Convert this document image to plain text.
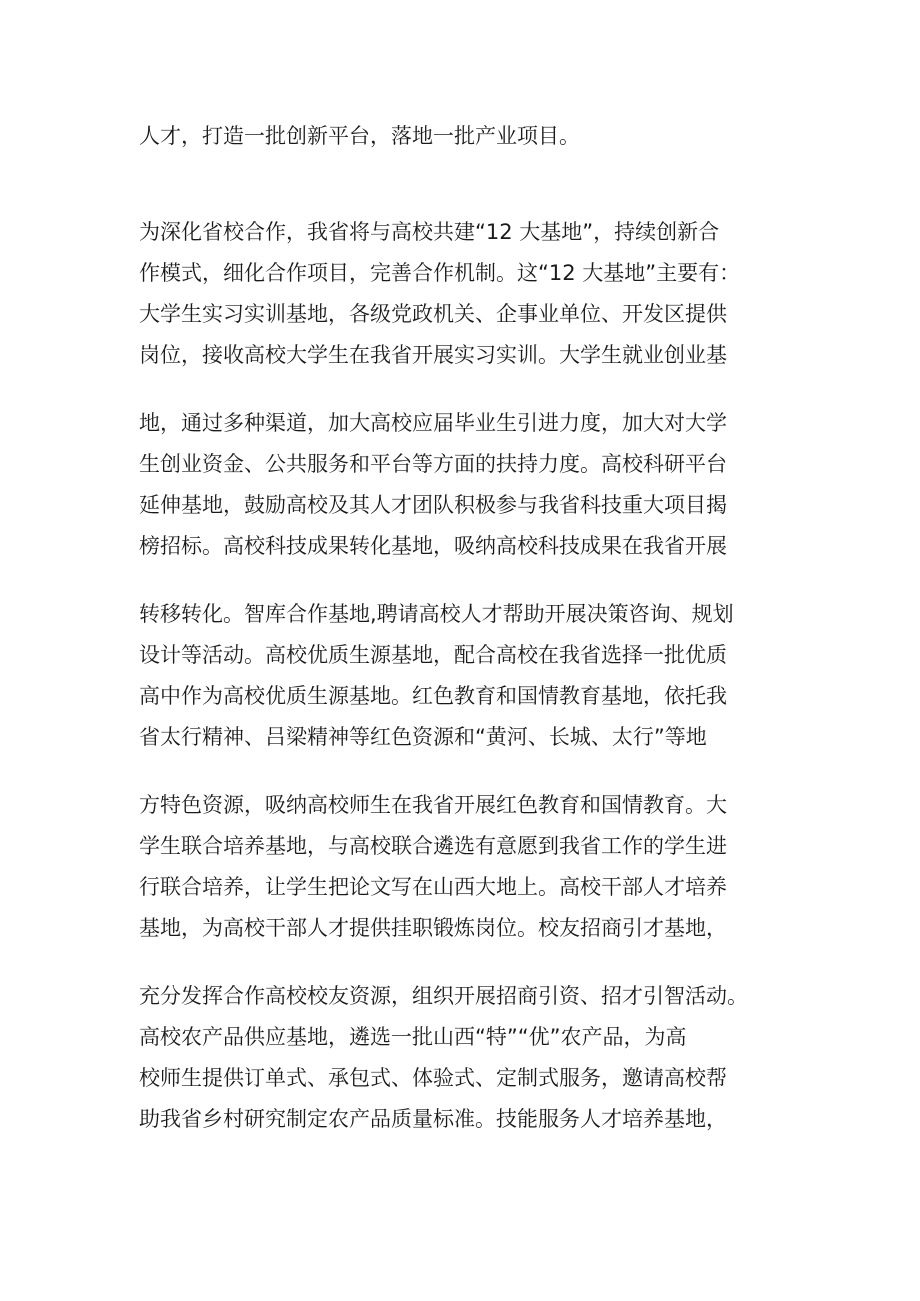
人才，打造一批创新平台，落地一批产业项目。
为深化省校合作，我省将与高校共建“12 大基地”，持续创新合
作模式，细化合作项目，完善合作机制。这“12 大基地”主要有：
大学生实习实训基地，各级党政机关、企事业单位、开发区提供
岗位，接收高校大学生在我省开展实习实训。大学生就业创业基
地，通过多种渠道，加大高校应届毕业生引进力度，加大对大学
生创业资金、公共服务和平台等方面的扶持力度。高校科研平台
延伸基地，鼓励高校及其人才团队积极参与我省科技重大项目揭
榜招标。高校科技成果转化基地，吸纳高校科技成果在我省开展
转移转化。智库合作基地,聘请高校人才帮助开展决策咨询、规划
设计等活动。高校优质生源基地，配合高校在我省选择一批优质
高中作为高校优质生源基地。红色教育和国情教育基地，依托我
省太行精神、吕梁精神等红色资源和“黄河、长城、太行”等地
方特色资源，吸纳高校师生在我省开展红色教育和国情教育。大
学生联合培养基地，与高校联合遴选有意愿到我省工作的学生进
行联合培养，让学生把论文写在山西大地上。高校干部人才培养
基地，为高校干部人才提供挂职锻炼岗位。校友招商引才基地，
充分发挥合作高校校友资源，组织开展招商引资、招才引智活动。
高校农产品供应基地，遴选一批山西“特”“优”农产品，为高
校师生提供订单式、承包式、体验式、定制式服务，邀请高校帮
助我省乡村研究制定农产品质量标准。技能服务人才培养基地，
